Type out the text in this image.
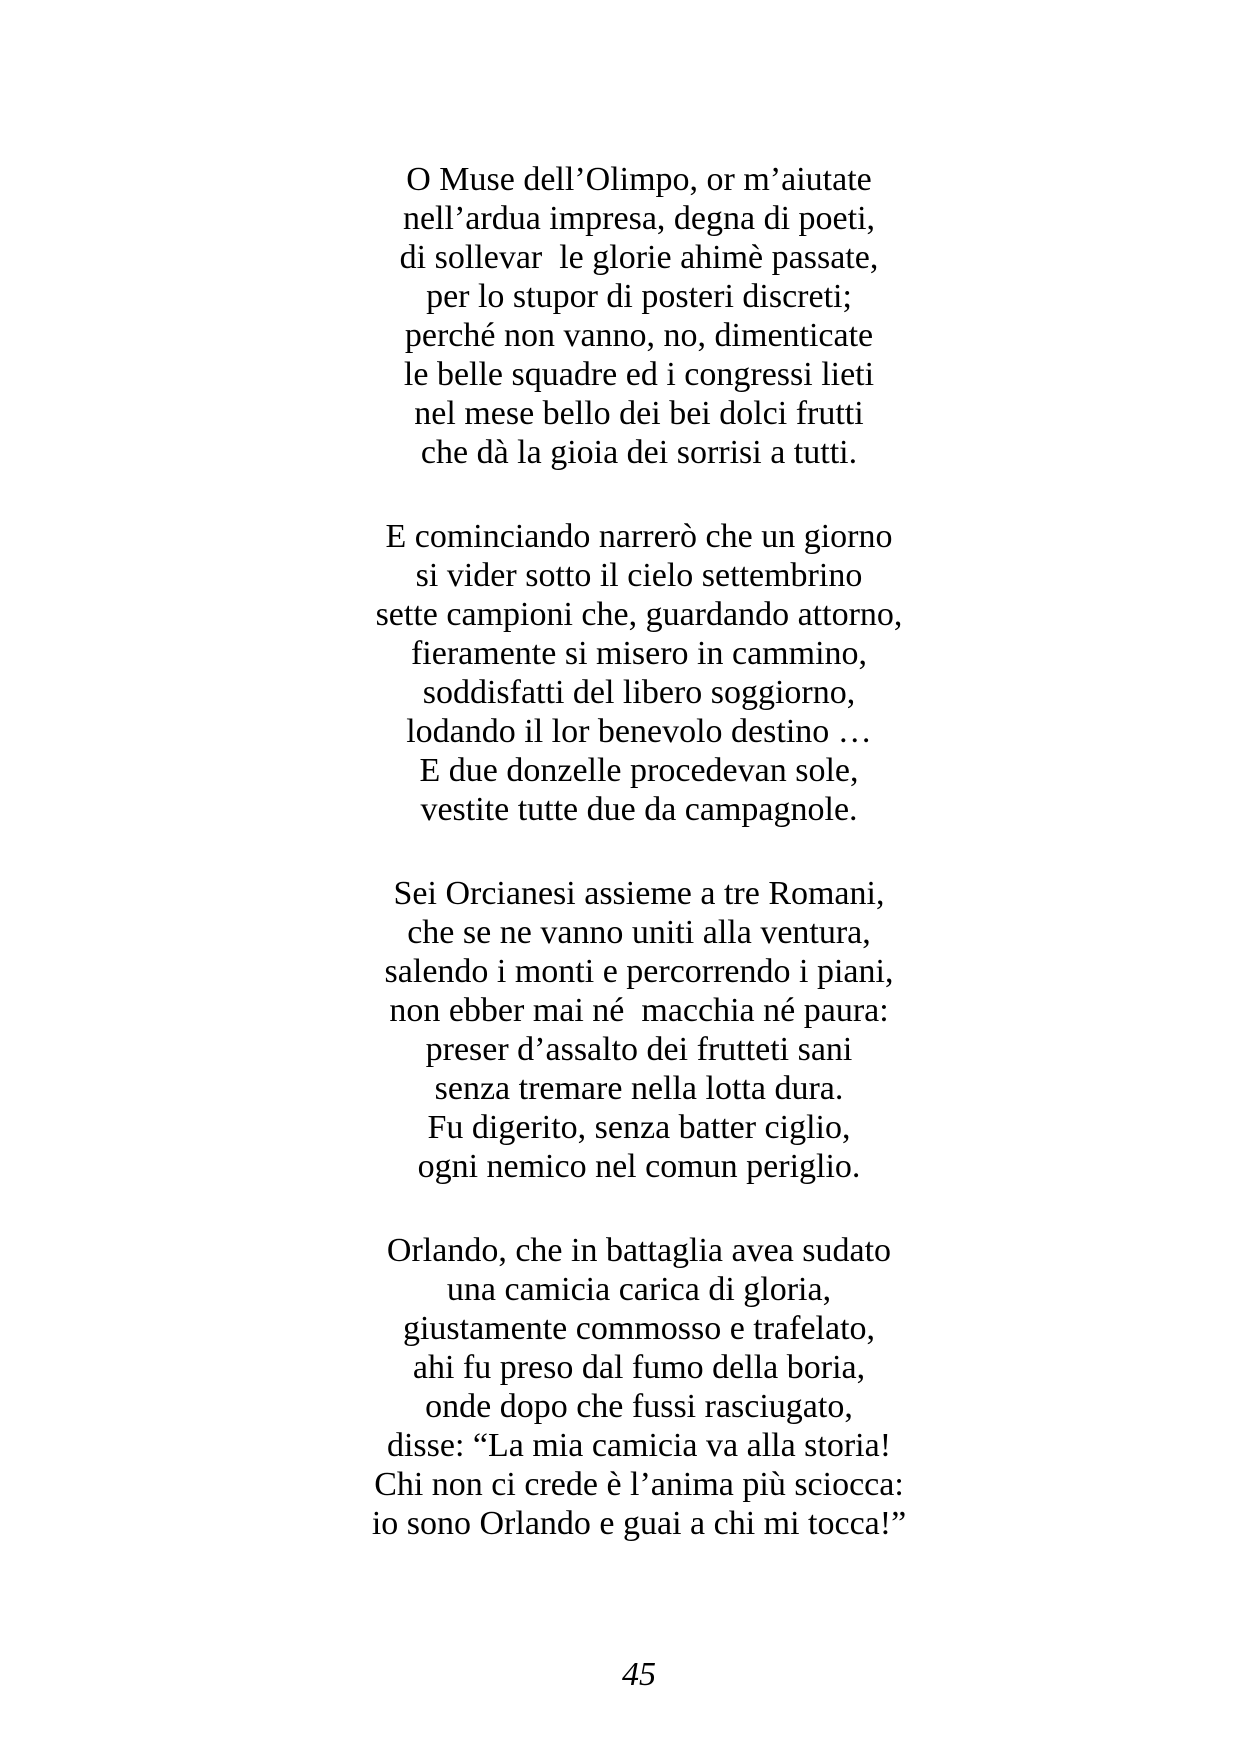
O Muse dell’Olimpo, or m’aiutate
nell’ardua impresa, degna di poeti,
di sollevar  le glorie ahimè passate,
per lo stupor di posteri discreti;
perché non vanno, no, dimenticate
le belle squadre ed i congressi lieti
nel mese bello dei bei dolci frutti
che dà la gioia dei sorrisi a tutti.
E cominciando narrerò che un giorno
si vider sotto il cielo settembrino
sette campioni che, guardando attorno,
fieramente si misero in cammino,
soddisfatti del libero soggiorno,
lodando il lor benevolo destino …
E due donzelle procedevan sole,
vestite tutte due da campagnole.
Sei Orcianesi assieme a tre Romani,
che se ne vanno uniti alla ventura,
salendo i monti e percorrendo i piani,
non ebber mai né  macchia né paura:
preser d’assalto dei frutteti sani
senza tremare nella lotta dura.
Fu digerito, senza batter ciglio,
ogni nemico nel comun periglio.
Orlando, che in battaglia avea sudato
una camicia carica di gloria,
giustamente commosso e trafelato,
ahi fu preso dal fumo della boria,
onde dopo che fussi rasciugato,
disse: “La mia camicia va alla storia!
Chi non ci crede è l’anima più sciocca:
io sono Orlando e guai a chi mi tocca!”
45
